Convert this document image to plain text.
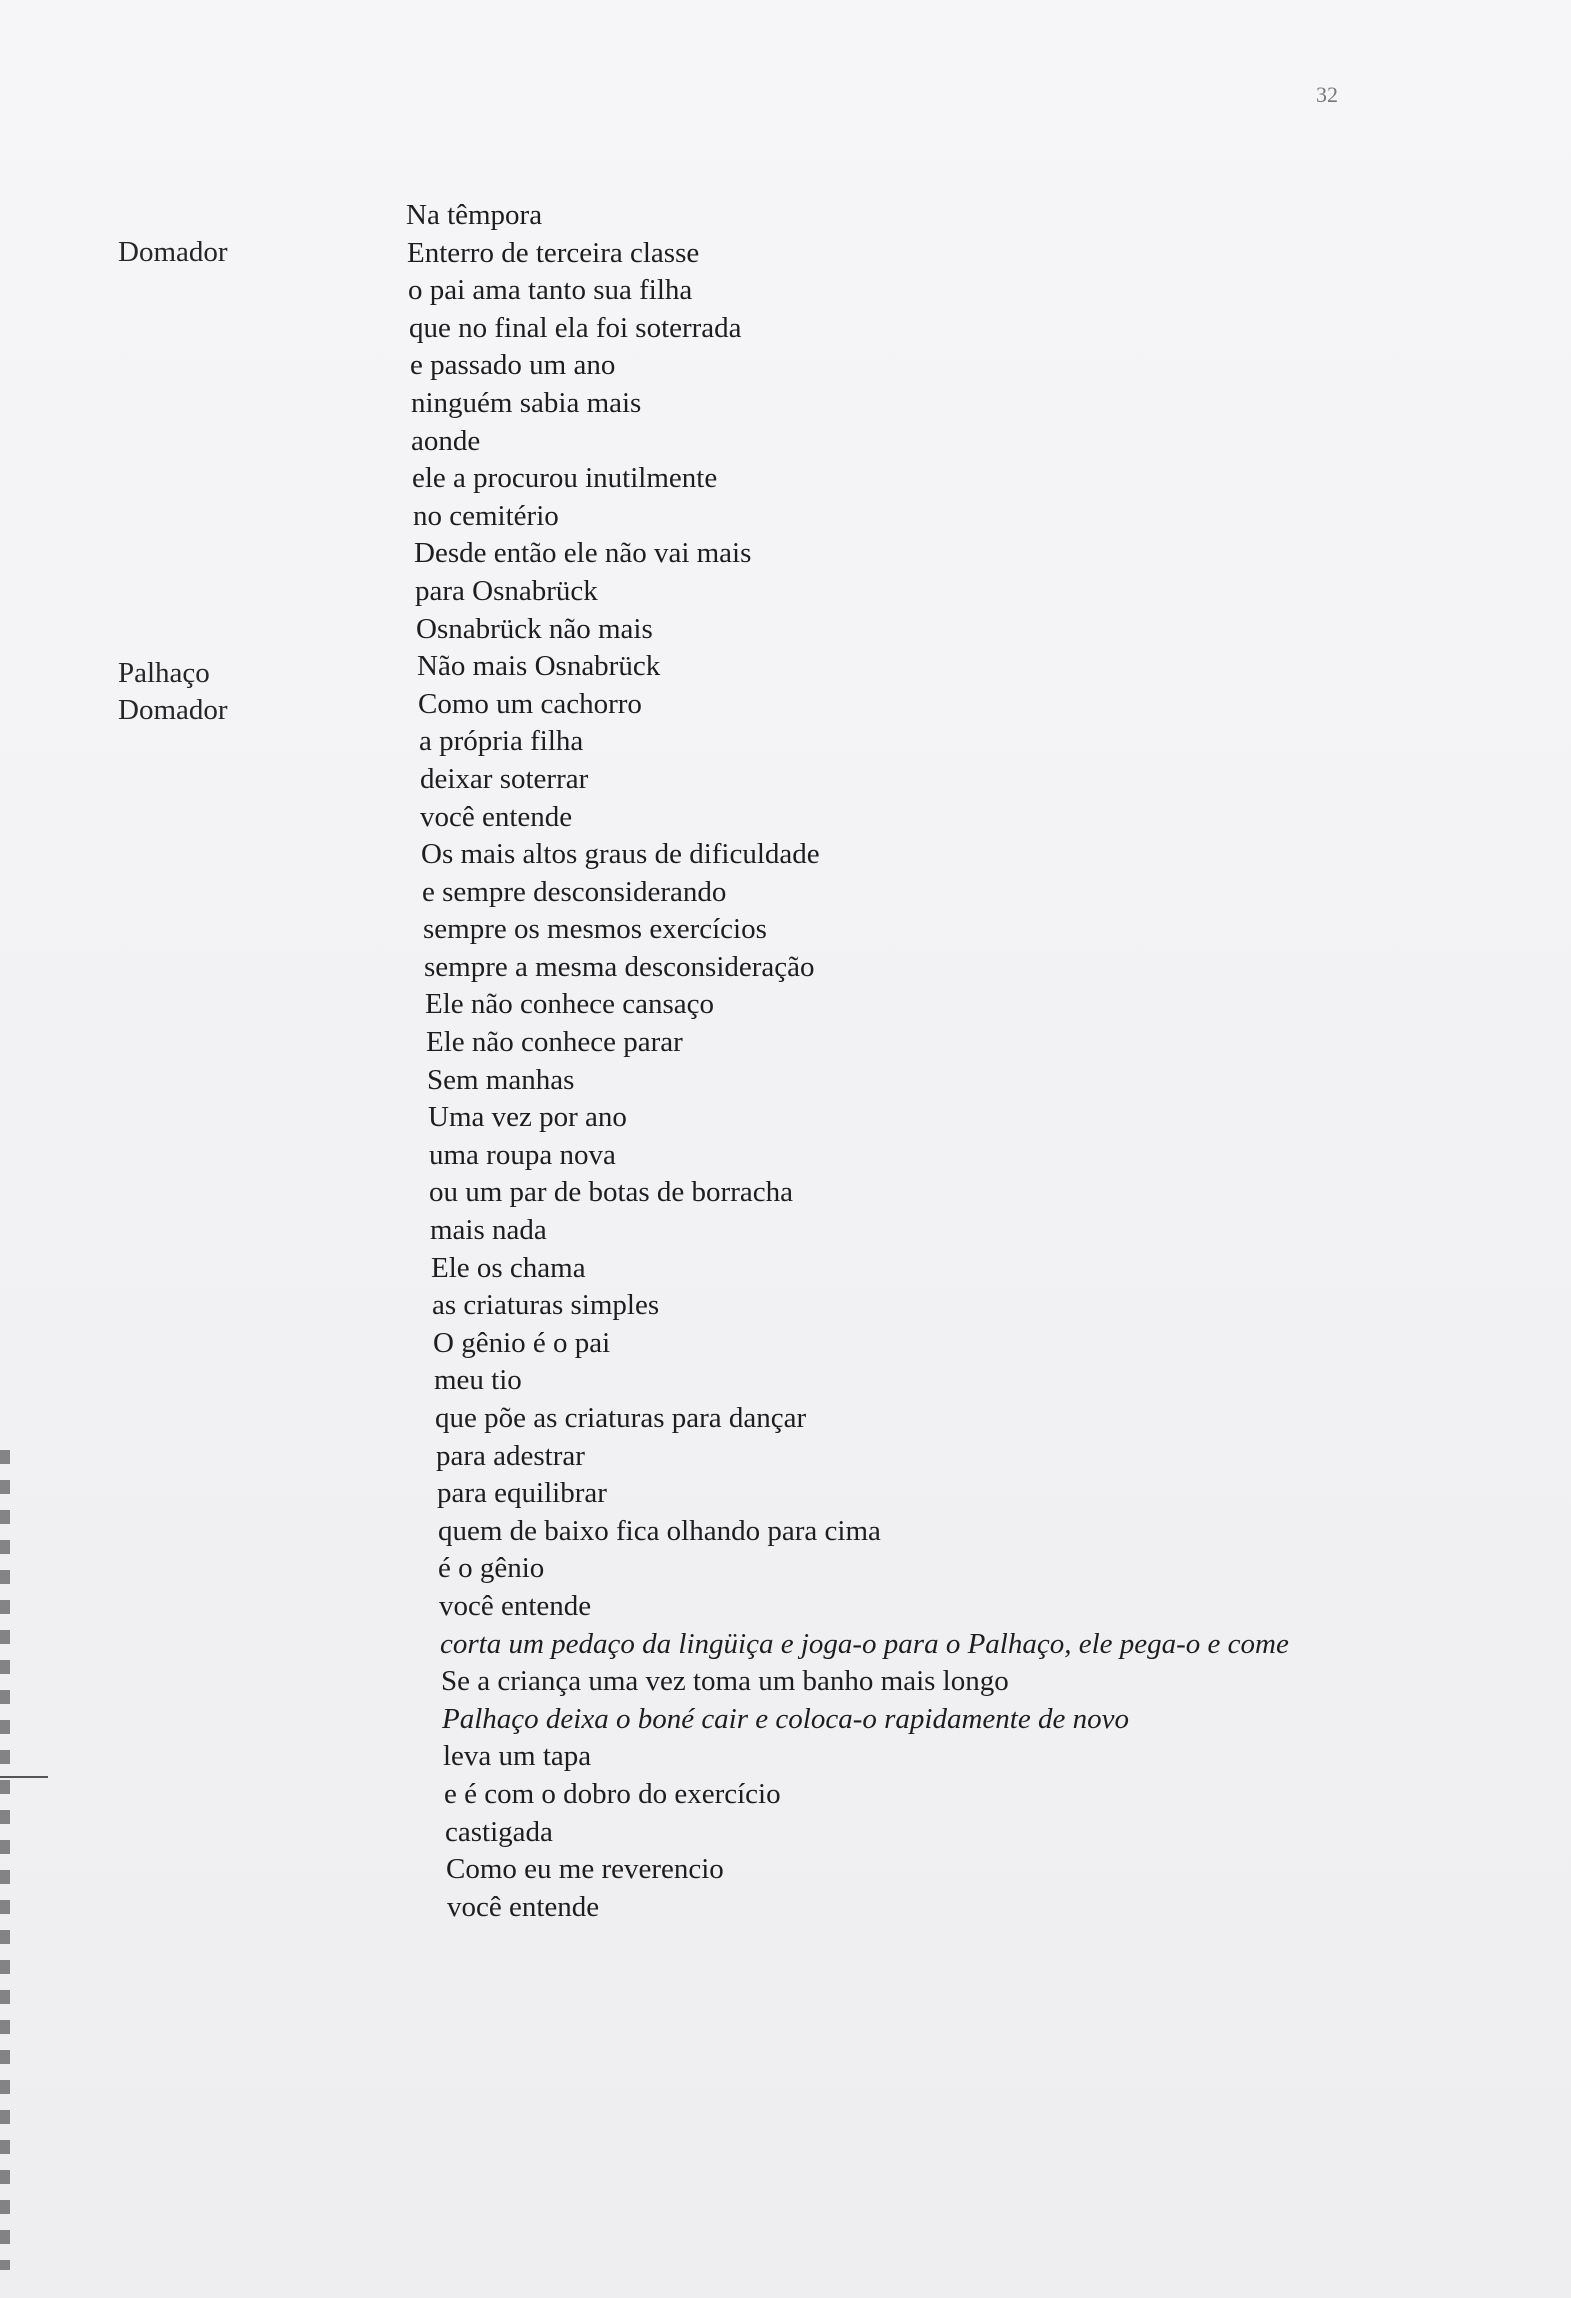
32
Domador
Palhaço
Domador
Na têmpora
Enterro de terceira classe
o pai ama tanto sua filha
que no final ela foi soterrada
e passado um ano
ninguém sabia mais
aonde
ele a procurou inutilmente
no cemitério
Desde então ele não vai mais
para Osnabrück
Osnabrück não mais
Não mais Osnabrück
Como um cachorro
a própria filha
deixar soterrar
você entende
Os mais altos graus de dificuldade
e sempre desconsiderando
sempre os mesmos exercícios
sempre a mesma desconsideração
Ele não conhece cansaço
Ele não conhece parar
Sem manhas
Uma vez por ano
uma roupa nova
ou um par de botas de borracha
mais nada
Ele os chama
as criaturas simples
O gênio é o pai
meu tio
que põe as criaturas para dançar
para adestrar
para equilibrar
quem de baixo fica olhando para cima
é o gênio
você entende
corta um pedaço da lingüiça e joga-o para o Palhaço, ele pega-o e come
Se a criança uma vez toma um banho mais longo
Palhaço deixa o boné cair e coloca-o rapidamente de novo
leva um tapa
e é com o dobro do exercício
castigada
Como eu me reverencio
você entende
